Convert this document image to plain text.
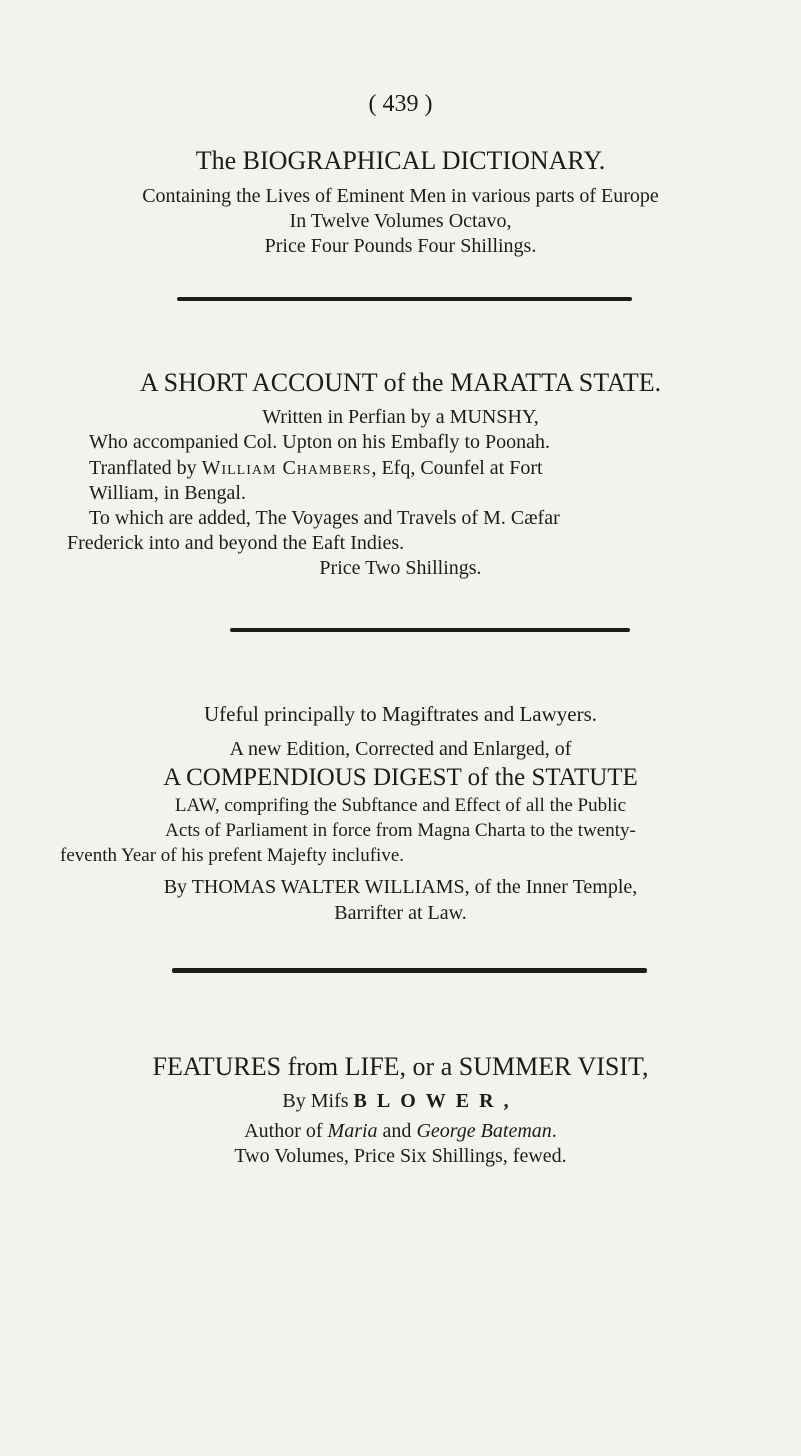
( 439 )
The BIOGRAPHICAL DICTIONARY.
Containing the Lives of Eminent Men in various parts of Europe
In Twelve Volumes Octavo,
Price Four Pounds Four Shillings.
A SHORT ACCOUNT of the MARATTA STATE.
Written in Perfian by a MUNSHY,
Who accompanied Col. Upton on his Embafly to Poonah.
Tranflated by William Chambers, Efq, Counfel at Fort
William, in Bengal.
To which are added, The Voyages and Travels of M. Cæfar
Frederick into and beyond the Eaft Indies.
Price Two Shillings.
Ufeful principally to Magiftrates and Lawyers.
A new Edition, Corrected and Enlarged, of
A COMPENDIOUS DIGEST of the STATUTE
LAW, comprifing the Subftance and Effect of all the Public
Acts of Parliament in force from Magna Charta to the twenty-
feventh Year of his prefent Majefty inclufive.
By THOMAS WALTER WILLIAMS, of the Inner Temple,
Barrifter at Law.
FEATURES from LIFE, or a SUMMER VISIT,
By Mifs BLOWER,
Author of Maria and George Bateman.
Two Volumes, Price Six Shillings, fewed.
